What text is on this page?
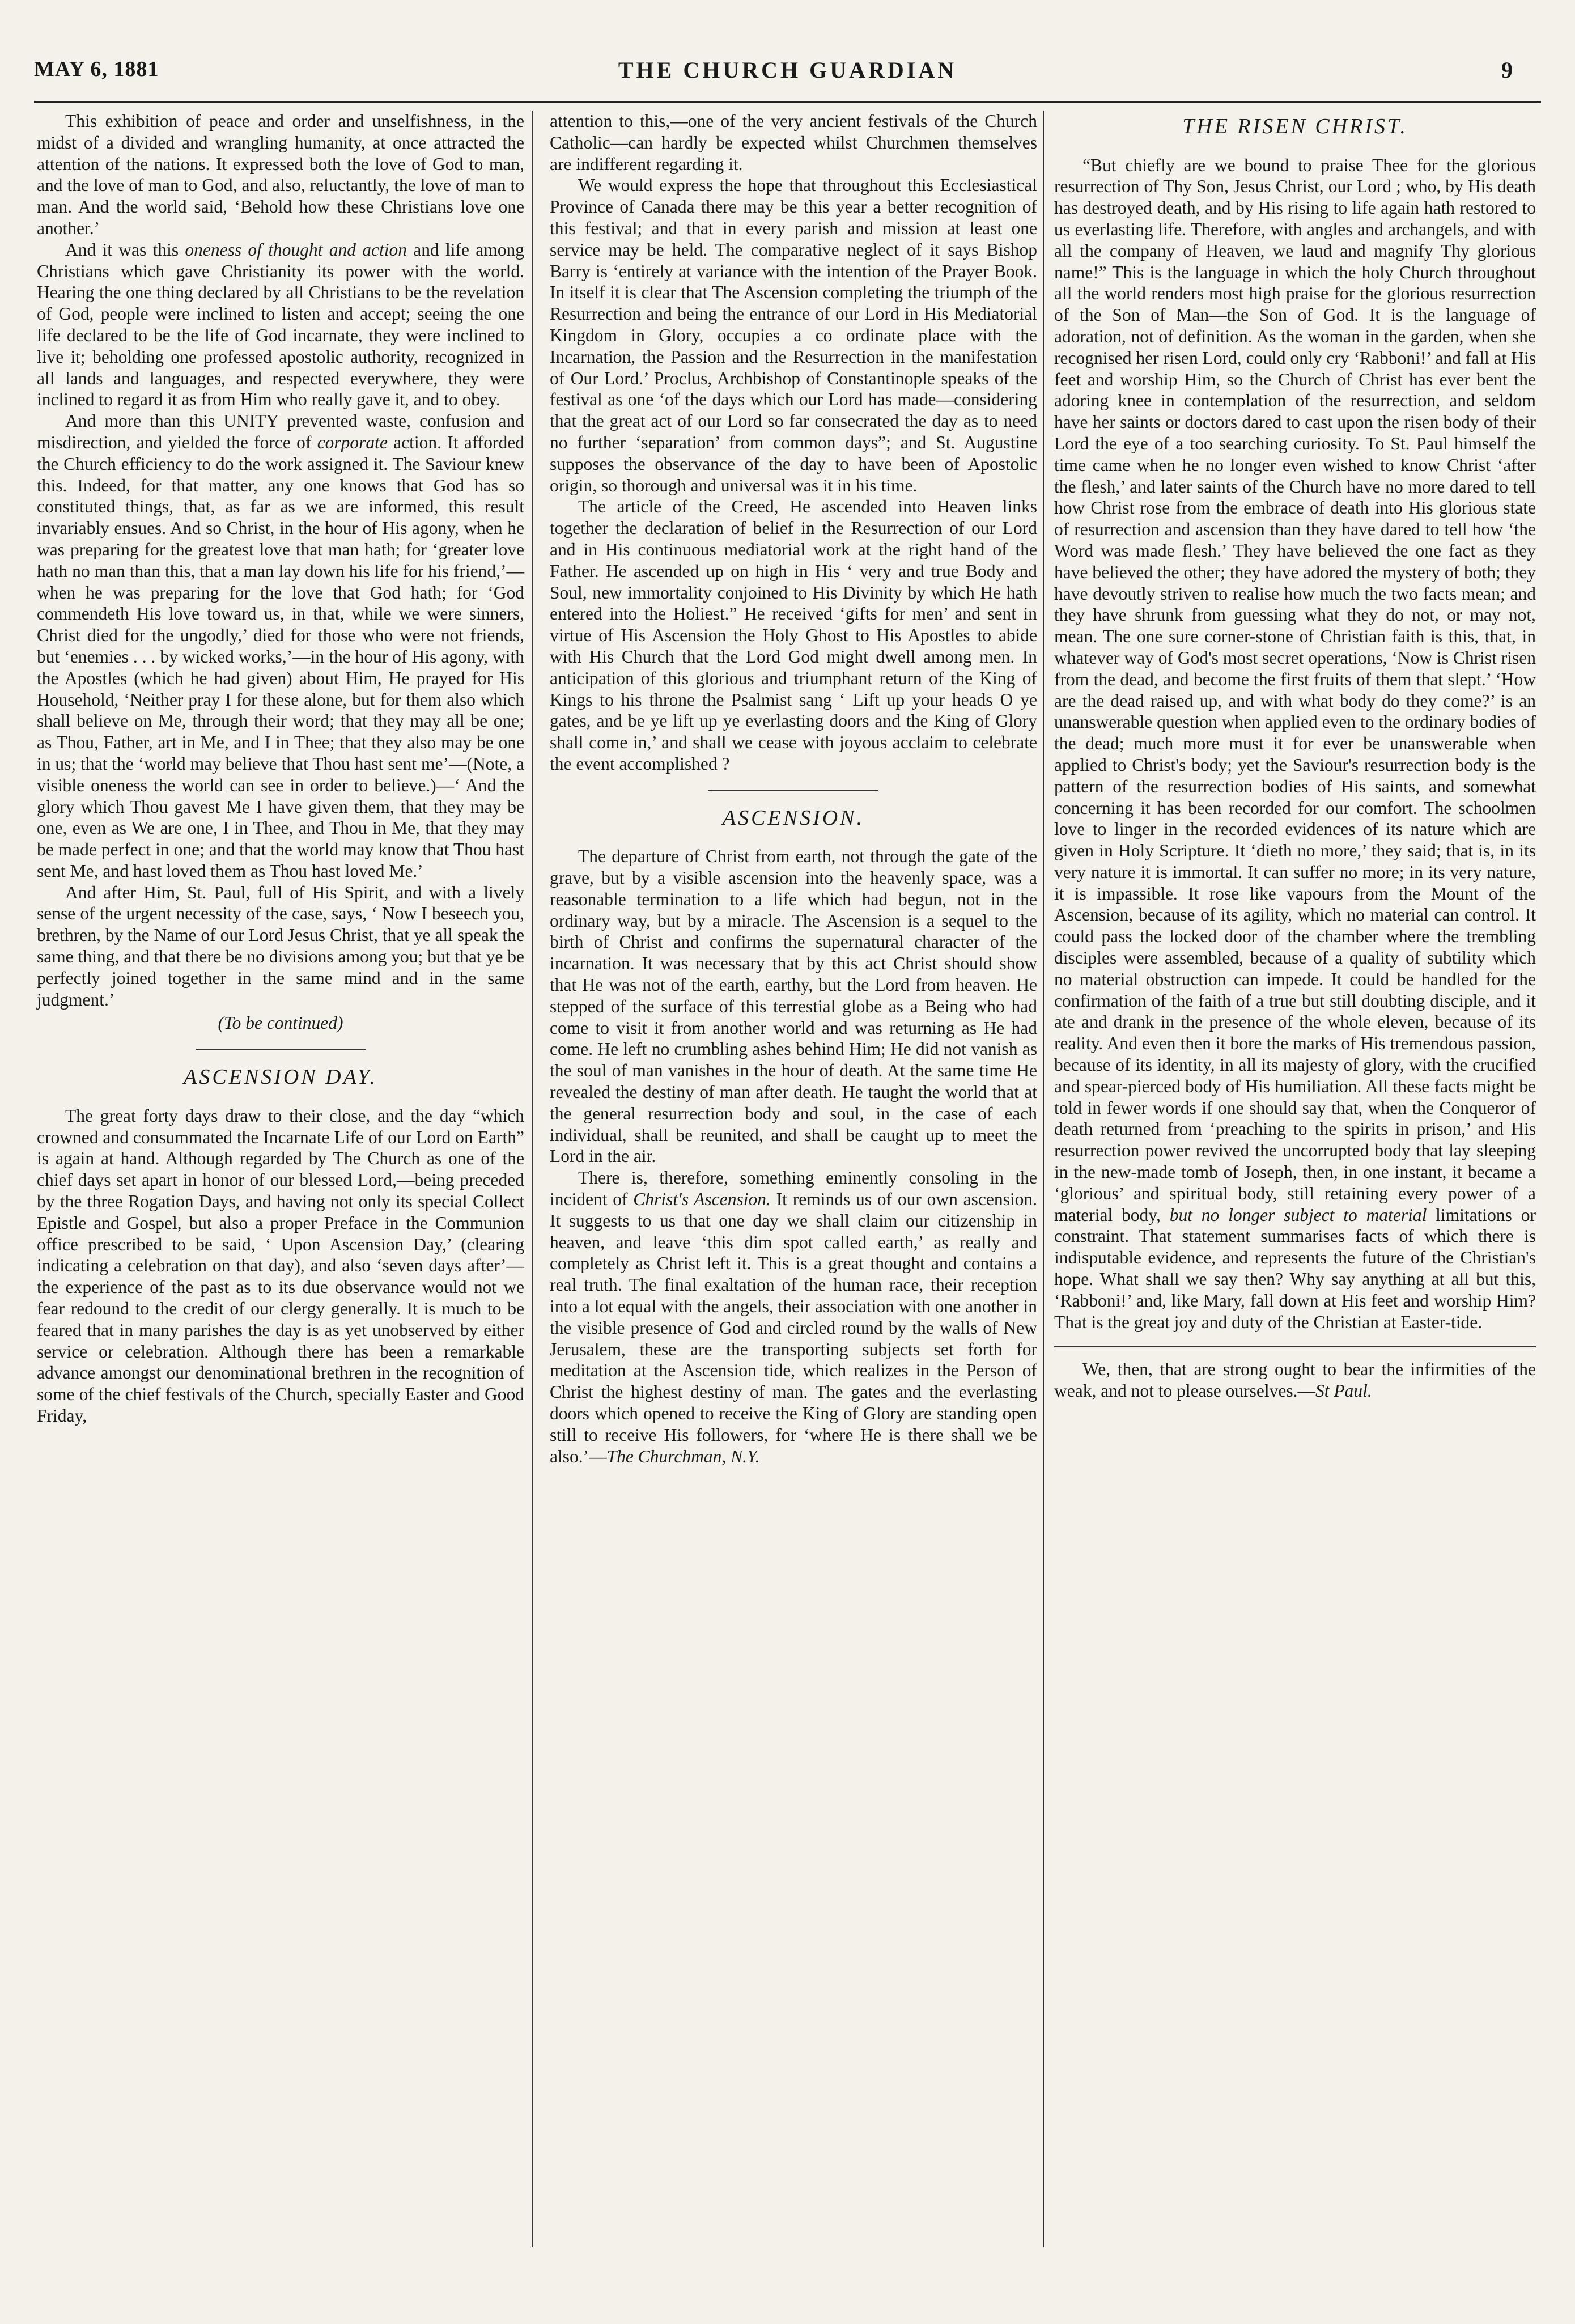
MAY 6, 1881	THE CHURCH GUARDIAN	9

This exhibition of peace and order and unselfishness, in the midst of a divided and wrangling humanity, at once attracted the attention of the nations. It expressed both the love of God to man, and the love of man to God, and also, reluctantly, the love of man to man. And the world said, ‘Behold how these Christians love one another.’

And it was this oneness of thought and action and life among Christians which gave Christianity its power with the world. Hearing the one thing declared by all Christians to be the revelation of God, people were inclined to listen and accept; seeing the one life declared to be the life of God incarnate, they were inclined to live it; beholding one professed apostolic authority, recognized in all lands and languages, and respected everywhere, they were inclined to regard it as from Him who really gave it, and to obey.

And more than this UNITY prevented waste, confusion and misdirection, and yielded the force of corporate action. It afforded the Church efficiency to do the work assigned it. The Saviour knew this. Indeed, for that matter, any one knows that God has so constituted things, that, as far as we are informed, this result invariably ensues. And so Christ, in the hour of His agony, when he was preparing for the greatest love that man hath; for ‘greater love hath no man than this, that a man lay down his life for his friend,’—when he was preparing for the love that God hath; for ‘God commendeth His love toward us, in that, while we were sinners, Christ died for the ungodly,’ died for those who were not friends, but ‘enemies . . . by wicked works,’—in the hour of His agony, with the Apostles (which he had given) about Him, He prayed for His Household, ‘Neither pray I for these alone, but for them also which shall believe on Me, through their word; that they may all be one; as Thou, Father, art in Me, and I in Thee; that they also may be one in us; that the ‘world may believe that Thou hast sent me’—(Note, a visible oneness the world can see in order to believe.)—‘ And the glory which Thou gavest Me I have given them, that they may be one, even as We are one, I in Thee, and Thou in Me, that they may be made perfect in one; and that the world may know that Thou hast sent Me, and hast loved them as Thou hast loved Me.’

And after Him, St. Paul, full of His Spirit, and with a lively sense of the urgent necessity of the case, says, ‘ Now I beseech you, brethren, by the Name of our Lord Jesus Christ, that ye all speak the same thing, and that there be no divisions among you; but that ye be perfectly joined together in the same mind and in the same judgment.’

(To be continued)
ASCENSION DAY.

The great forty days draw to their close, and the day “which crowned and consummated the Incarnate Life of our Lord on Earth” is again at hand. Although regarded by The Church as one of the chief days set apart in honor of our blessed Lord,—being preceded by the three Rogation Days, and having not only its special Collect Epistle and Gospel, but also a proper Preface in the Communion office prescribed to be said, ‘ Upon Ascension Day,’ (clearing indicating a celebration on that day), and also ‘seven days after’—the experience of the past as to its due observance would not we fear redound to the credit of our clergy generally. It is much to be feared that in many parishes the day is as yet unobserved by either service or celebration. Although there has been a remarkable advance amongst our denominational brethren in the recognition of some of the chief festivals of the Church, specially Easter and Good Friday,

attention to this,—one of the very ancient festivals of the Church Catholic—can hardly be expected whilst Churchmen themselves are indifferent regarding it.

We would express the hope that throughout this Ecclesiastical Province of Canada there may be this year a better recognition of this festival; and that in every parish and mission at least one service may be held. The comparative neglect of it says Bishop Barry is ‘entirely at variance with the intention of the Prayer Book. In itself it is clear that The Ascension completing the triumph of the Resurrection and being the entrance of our Lord in His Mediatorial Kingdom in Glory, occupies a co ordinate place with the Incarnation, the Passion and the Resurrection in the manifestation of Our Lord.’ Proclus, Archbishop of Constantinople speaks of the festival as one ‘of the days which our Lord has made—considering that the great act of our Lord so far consecrated the day as to need no further ‘separation’ from common days”; and St. Augustine supposes the observance of the day to have been of Apostolic origin, so thorough and universal was it in his time.

The article of the Creed, He ascended into Heaven links together the declaration of belief in the Resurrection of our Lord and in His continuous mediatorial work at the right hand of the Father. He ascended up on high in His ‘ very and true Body and Soul, new immortality conjoined to His Divinity by which He hath entered into the Holiest.” He received ‘gifts for men’ and sent in virtue of His Ascension the Holy Ghost to His Apostles to abide with His Church that the Lord God might dwell among men. In anticipation of this glorious and triumphant return of the King of Kings to his throne the Psalmist sang ‘ Lift up your heads O ye gates, and be ye lift up ye everlasting doors and the King of Glory shall come in,’ and shall we cease with joyous acclaim to celebrate the event accomplished ?

ASCENSION.

The departure of Christ from earth, not through the gate of the grave, but by a visible ascension into the heavenly space, was a reasonable termination to a life which had begun, not in the ordinary way, but by a miracle. The Ascension is a sequel to the birth of Christ and confirms the supernatural character of the incarnation. It was necessary that by this act Christ should show that He was not of the earth, earthy, but the Lord from heaven. He stepped of the surface of this terrestial globe as a Being who had come to visit it from another world and was returning as He had come. He left no crumbling ashes behind Him; He did not vanish as the soul of man vanishes in the hour of death. At the same time He revealed the destiny of man after death. He taught the world that at the general resurrection body and soul, in the case of each individual, shall be reunited, and shall be caught up to meet the Lord in the air.

There is, therefore, something eminently consoling in the incident of Christ's Ascension. It reminds us of our own ascension. It suggests to us that one day we shall claim our citizenship in heaven, and leave ‘this dim spot called earth,’ as really and completely as Christ left it. This is a great thought and contains a real truth. The final exaltation of the human race, their reception into a lot equal with the angels, their association with one another in the visible presence of God and circled round by the walls of New Jerusalem, these are the transporting subjects set forth for meditation at the Ascension tide, which realizes in the Person of Christ the highest destiny of man. The gates and the everlasting doors which opened to receive the King of Glory are standing open still to receive His followers, for ‘where He is there shall we be also.’—The Churchman, N.Y.

THE RISEN CHRIST.

“But chiefly are we bound to praise Thee for the glorious resurrection of Thy Son, Jesus Christ, our Lord ; who, by His death has destroyed death, and by His rising to life again hath restored to us everlasting life. Therefore, with angles and archangels, and with all the company of Heaven, we laud and magnify Thy glorious name!” This is the language in which the holy Church throughout all the world renders most high praise for the glorious resurrection of the Son of Man—the Son of God. It is the language of adoration, not of definition. As the woman in the garden, when she recognised her risen Lord, could only cry ‘Rabboni!’ and fall at His feet and worship Him, so the Church of Christ has ever bent the adoring knee in contemplation of the resurrection, and seldom have her saints or doctors dared to cast upon the risen body of their Lord the eye of a too searching curiosity. To St. Paul himself the time came when he no longer even wished to know Christ ‘after the flesh,’ and later saints of the Church have no more dared to tell how Christ rose from the embrace of death into His glorious state of resurrection and ascension than they have dared to tell how ‘the Word was made flesh.’ They have believed the one fact as they have believed the other; they have adored the mystery of both; they have devoutly striven to realise how much the two facts mean; and they have shrunk from guessing what they do not, or may not, mean. The one sure corner-stone of Christian faith is this, that, in whatever way of God's most secret operations, ‘Now is Christ risen from the dead, and become the first fruits of them that slept.’ ‘How are the dead raised up, and with what body do they come?’ is an unanswerable question when applied even to the ordinary bodies of the dead; much more must it for ever be unanswerable when applied to Christ's body; yet the Saviour's resurrection body is the pattern of the resurrection bodies of His saints, and somewhat concerning it has been recorded for our comfort. The schoolmen love to linger in the recorded evidences of its nature which are given in Holy Scripture. It ‘dieth no more,’ they said; that is, in its very nature it is immortal. It can suffer no more; in its very nature, it is impassible. It rose like vapours from the Mount of the Ascension, because of its agility, which no material can control. It could pass the locked door of the chamber where the trembling disciples were assembled, because of a quality of subtility which no material obstruction can impede. It could be handled for the confirmation of the faith of a true but still doubting disciple, and it ate and drank in the presence of the whole eleven, because of its reality. And even then it bore the marks of His tremendous passion, because of its identity, in all its majesty of glory, with the crucified and spear-pierced body of His humiliation. All these facts might be told in fewer words if one should say that, when the Conqueror of death returned from ‘preaching to the spirits in prison,’ and His resurrection power revived the uncorrupted body that lay sleeping in the new-made tomb of Joseph, then, in one instant, it became a ‘glorious’ and spiritual body, still retaining every power of a material body, but no longer subject to material limitations or constraint. That statement summarises facts of which there is indisputable evidence, and represents the future of the Christian's hope. What shall we say then? Why say anything at all but this, ‘Rabboni!’ and, like Mary, fall down at His feet and worship Him? That is the great joy and duty of the Christian at Easter-tide.

We, then, that are strong ought to bear the infirmities of the weak, and not to please ourselves.—St Paul.
